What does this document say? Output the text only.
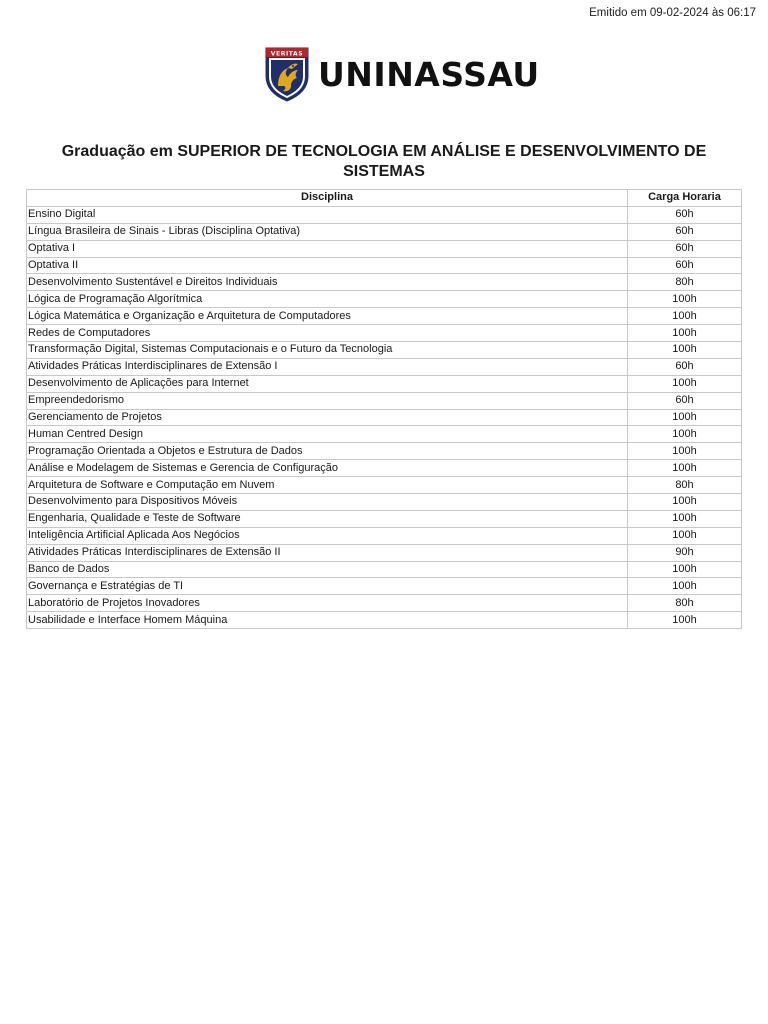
Emitido em 09-02-2024 às 06:17
VERITAS
UNINASSAU
Graduação em SUPERIOR DE TECNOLOGIA EM ANÁLISE E DESENVOLVIMENTO DE SISTEMAS
Disciplina	Carga Horaria
Ensino Digital	60h
Língua Brasileira de Sinais - Libras (Disciplina Optativa)	60h
Optativa I	60h
Optativa II	60h
Desenvolvimento Sustentável e Direitos Individuais	80h
Lógica de Programação Algorítmica	100h
Lógica Matemática e Organização e Arquitetura de Computadores	100h
Redes de Computadores	100h
Transformação Digital, Sistemas Computacionais e o Futuro da Tecnologia	100h
Atividades Práticas Interdisciplinares de Extensão I	60h
Desenvolvimento de Aplicações para Internet	100h
Empreendedorismo	60h
Gerenciamento de Projetos	100h
Human Centred Design	100h
Programação Orientada a Objetos e Estrutura de Dados	100h
Análise e Modelagem de Sistemas e Gerencia de Configuração	100h
Arquitetura de Software e Computação em Nuvem	80h
Desenvolvimento para Dispositivos Móveis	100h
Engenharia, Qualidade e Teste de Software	100h
Inteligência Artificial Aplicada Aos Negócios	100h
Atividades Práticas Interdisciplinares de Extensão II	90h
Banco de Dados	100h
Governança e Estratégias de TI	100h
Laboratório de Projetos Inovadores	80h
Usabilidade e Interface Homem Máquina	100h
